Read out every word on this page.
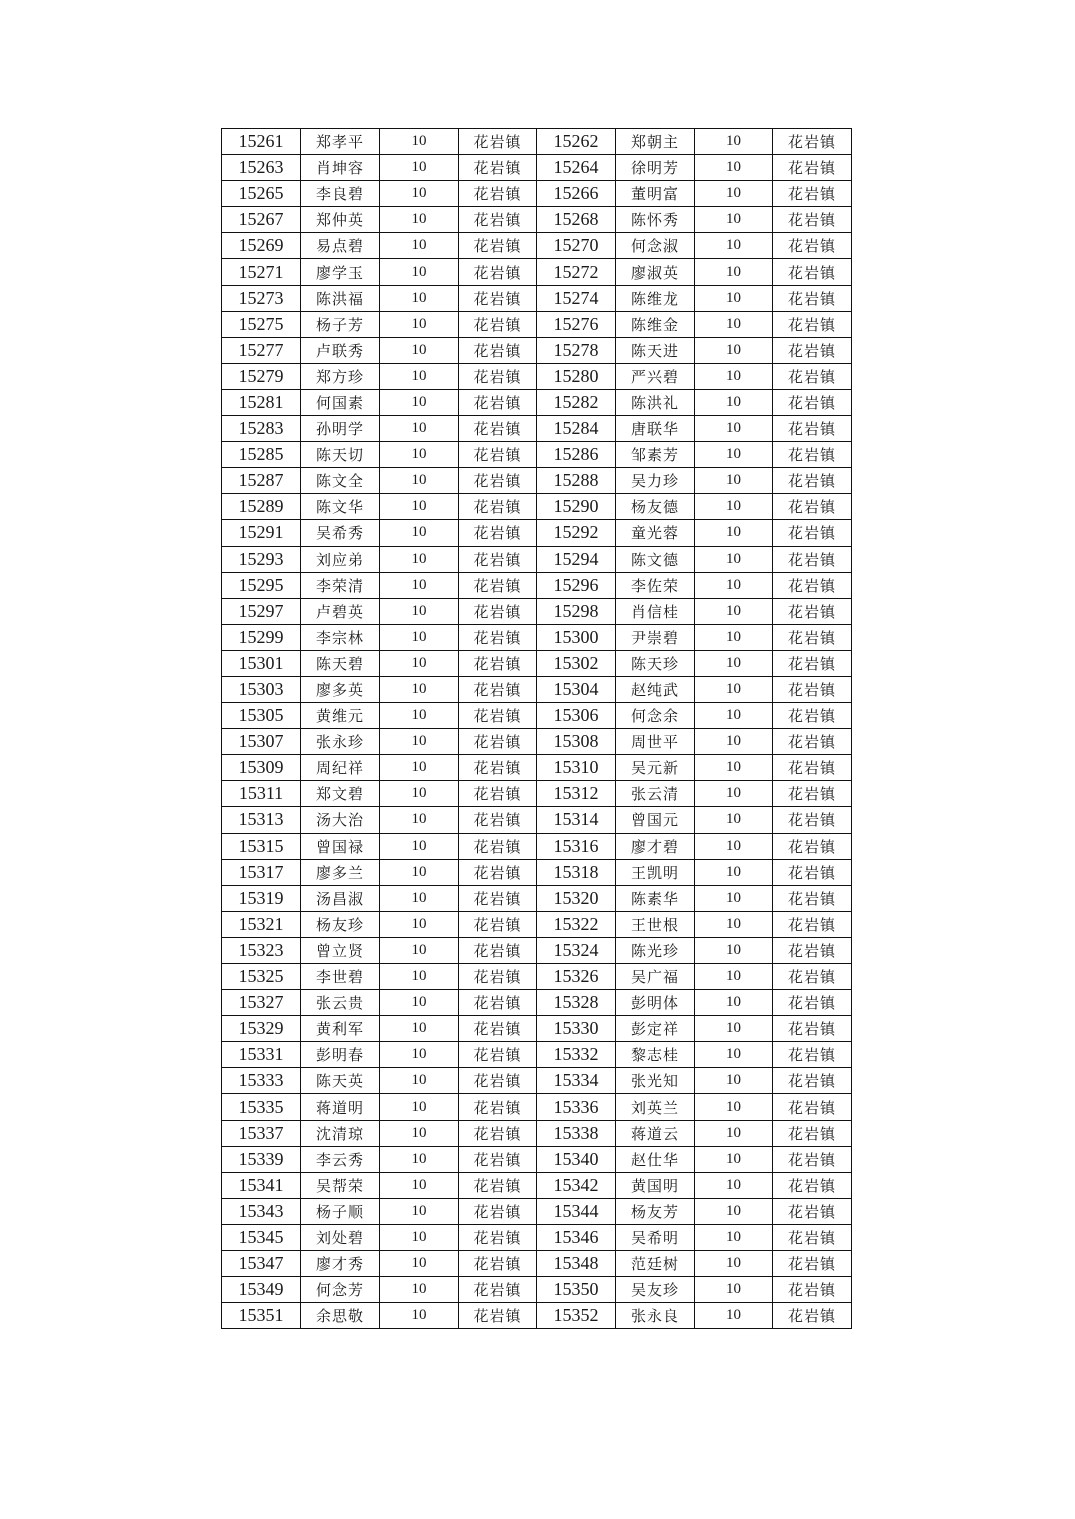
15261	郑孝平	10	花岩镇	15262	郑朝主	10	花岩镇
15263	肖坤容	10	花岩镇	15264	徐明芳	10	花岩镇
15265	李良碧	10	花岩镇	15266	董明富	10	花岩镇
15267	郑仲英	10	花岩镇	15268	陈怀秀	10	花岩镇
15269	易点碧	10	花岩镇	15270	何念淑	10	花岩镇
15271	廖学玉	10	花岩镇	15272	廖淑英	10	花岩镇
15273	陈洪福	10	花岩镇	15274	陈维龙	10	花岩镇
15275	杨子芳	10	花岩镇	15276	陈维金	10	花岩镇
15277	卢联秀	10	花岩镇	15278	陈天进	10	花岩镇
15279	郑方珍	10	花岩镇	15280	严兴碧	10	花岩镇
15281	何国素	10	花岩镇	15282	陈洪礼	10	花岩镇
15283	孙明学	10	花岩镇	15284	唐联华	10	花岩镇
15285	陈天切	10	花岩镇	15286	邹素芳	10	花岩镇
15287	陈文全	10	花岩镇	15288	吴力珍	10	花岩镇
15289	陈文华	10	花岩镇	15290	杨友德	10	花岩镇
15291	吴希秀	10	花岩镇	15292	童光蓉	10	花岩镇
15293	刘应弟	10	花岩镇	15294	陈文德	10	花岩镇
15295	李荣清	10	花岩镇	15296	李佐荣	10	花岩镇
15297	卢碧英	10	花岩镇	15298	肖信桂	10	花岩镇
15299	李宗林	10	花岩镇	15300	尹崇碧	10	花岩镇
15301	陈天碧	10	花岩镇	15302	陈天珍	10	花岩镇
15303	廖多英	10	花岩镇	15304	赵纯武	10	花岩镇
15305	黄维元	10	花岩镇	15306	何念余	10	花岩镇
15307	张永珍	10	花岩镇	15308	周世平	10	花岩镇
15309	周纪祥	10	花岩镇	15310	吴元新	10	花岩镇
15311	郑文碧	10	花岩镇	15312	张云清	10	花岩镇
15313	汤大治	10	花岩镇	15314	曾国元	10	花岩镇
15315	曾国禄	10	花岩镇	15316	廖才碧	10	花岩镇
15317	廖多兰	10	花岩镇	15318	王凯明	10	花岩镇
15319	汤昌淑	10	花岩镇	15320	陈素华	10	花岩镇
15321	杨友珍	10	花岩镇	15322	王世根	10	花岩镇
15323	曾立贤	10	花岩镇	15324	陈光珍	10	花岩镇
15325	李世碧	10	花岩镇	15326	吴广福	10	花岩镇
15327	张云贵	10	花岩镇	15328	彭明体	10	花岩镇
15329	黄利军	10	花岩镇	15330	彭定祥	10	花岩镇
15331	彭明春	10	花岩镇	15332	黎志桂	10	花岩镇
15333	陈天英	10	花岩镇	15334	张光知	10	花岩镇
15335	蒋道明	10	花岩镇	15336	刘英兰	10	花岩镇
15337	沈清琼	10	花岩镇	15338	蒋道云	10	花岩镇
15339	李云秀	10	花岩镇	15340	赵仕华	10	花岩镇
15341	吴帮荣	10	花岩镇	15342	黄国明	10	花岩镇
15343	杨子顺	10	花岩镇	15344	杨友芳	10	花岩镇
15345	刘处碧	10	花岩镇	15346	吴希明	10	花岩镇
15347	廖才秀	10	花岩镇	15348	范廷树	10	花岩镇
15349	何念芳	10	花岩镇	15350	吴友珍	10	花岩镇
15351	余思敬	10	花岩镇	15352	张永良	10	花岩镇
